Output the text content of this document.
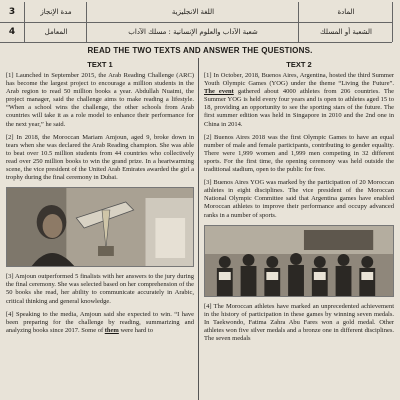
3	مدة الإنجاز	اللغة الانجليزية	المادة
4	المعامل	شعبة الآداب والعلوم الإنسانية : مسلك الآداب	الشعبة أو المسلك
READ THE TWO TEXTS AND ANSWER THE QUESTIONS.
TEXT 1

[1] Launched in September 2015, the Arab Reading Challenge (ARC) has become the largest project to encourage a million students in the Arab region to read 50 million books a year. Abdullah Nuaimi, the project manager, said the challenge aims to make reading a lifestyle. “When a school wins the challenge, the other schools from Arab countries will take it as a role model to enhance their performance for the next year,” he said.

[2] In 2018, the Moroccan Mariam Amjoun, aged 9, broke down in tears when she was declared the Arab Reading champion. She was able to beat over 10.5 million students from 44 countries who collectively read over 250 million books to win the grand prize. In a heartwarming scene, the vice president of the United Arab Emirates awarded the girl a trophy during the final ceremony in Dubai.

[3] Amjoun outperformed 5 finalists with her answers to the jury during the final ceremony. She was selected based on her comprehension of the 50 books she read, her ability to communicate accurately in Arabic, critical thinking and general knowledge.

[4] Speaking to the media, Amjoun said she expected to win. “I have been preparing for the challenge by reading, summarizing and analyzing books since 2017. Some of them were hard to

TEXT 2

[1] In October, 2018, Buenos Aires, Argentina, hosted the third Summer Youth Olympic Games (YOG) under the theme “Living the Future”. The event gathered about 4000 athletes from 206 countries. The Summer YOG is held every four years and is open to athletes aged 15 to 18, providing an opportunity to see the sporting stars of the future. The first summer edition was held in Singapore in 2010 and the 2nd one in China in 2014.

[2] Buenos Aires 2018 was the first Olympic Games to have an equal number of male and female participants, contributing to gender equality. There were 1,999 women and 1,999 men competing in 32 different sports. For the first time, the opening ceremony was held outside the traditional stadium, open to the public for free.

[3] Buenos Aires YOG was marked by the participation of 20 Moroccan athletes in eight disciplines. The vice president of the Moroccan National Olympic Committee said that Argentina games have enabled Moroccan athletes to improve their performance and occupy advanced ranks in a number of sports.

[4] The Moroccan athletes have marked an unprecedented achievement in the history of participation in these games by winning seven medals. In Taekwondo, Fatima Zahra Abu Fares won a gold medal. Other athletes won five silver medals and a bronze one in different disciplines. The seven medals
